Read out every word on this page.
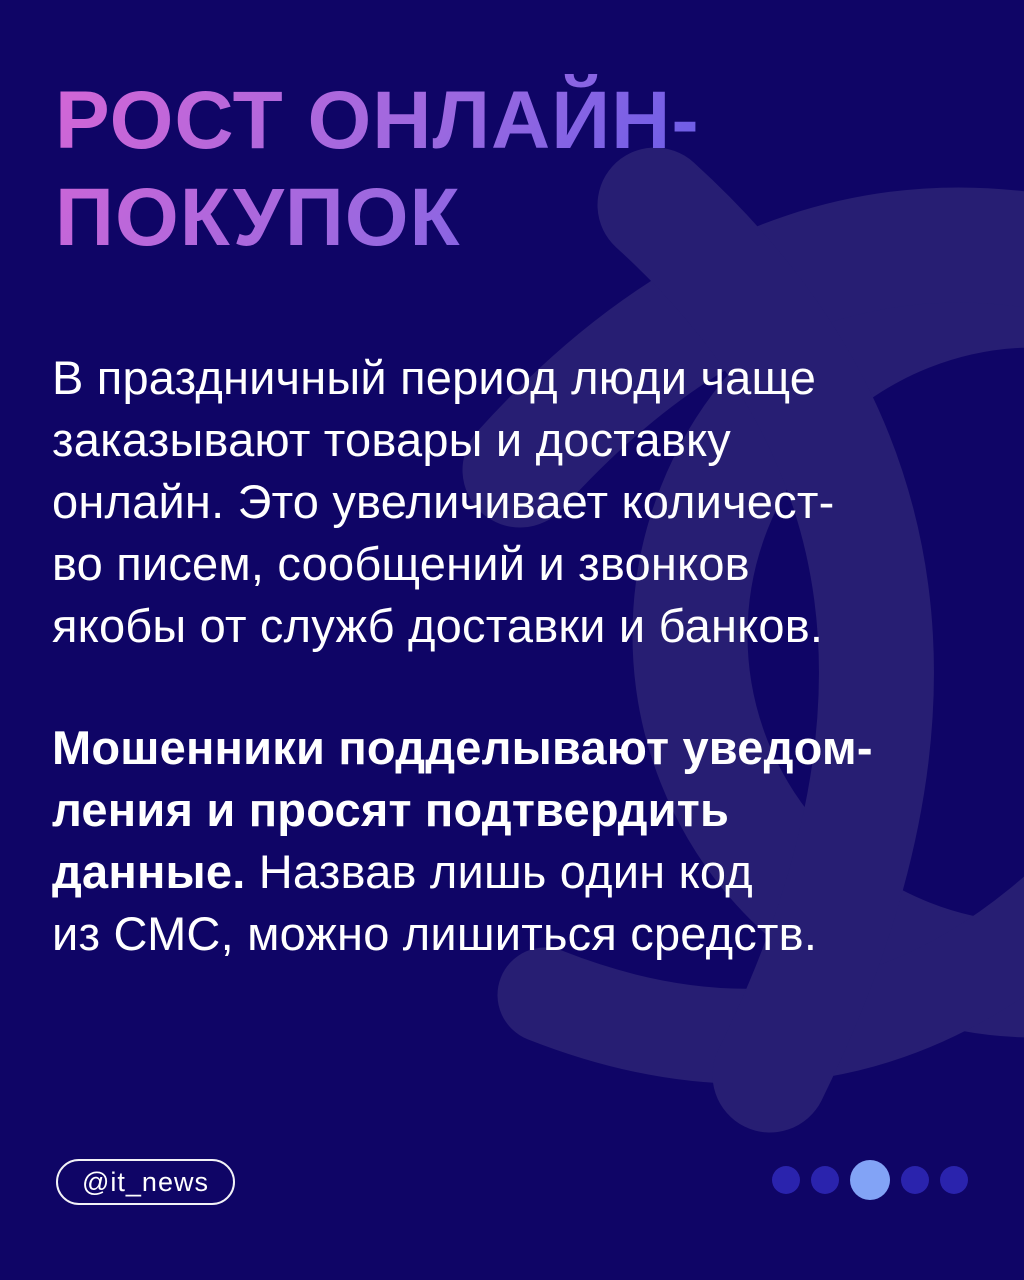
РОСТ ОНЛАЙН-
ПОКУПОК
В праздничный период люди чаще
заказывают товары и доставку
онлайн. Это увеличивает количест-
во писем, сообщений и звонков
якобы от служб доставки и банков.
Мошенники подделывают уведом-
ления и просят подтвердить
данные. Назвав лишь один код
из СМС, можно лишиться средств.
@it_news
